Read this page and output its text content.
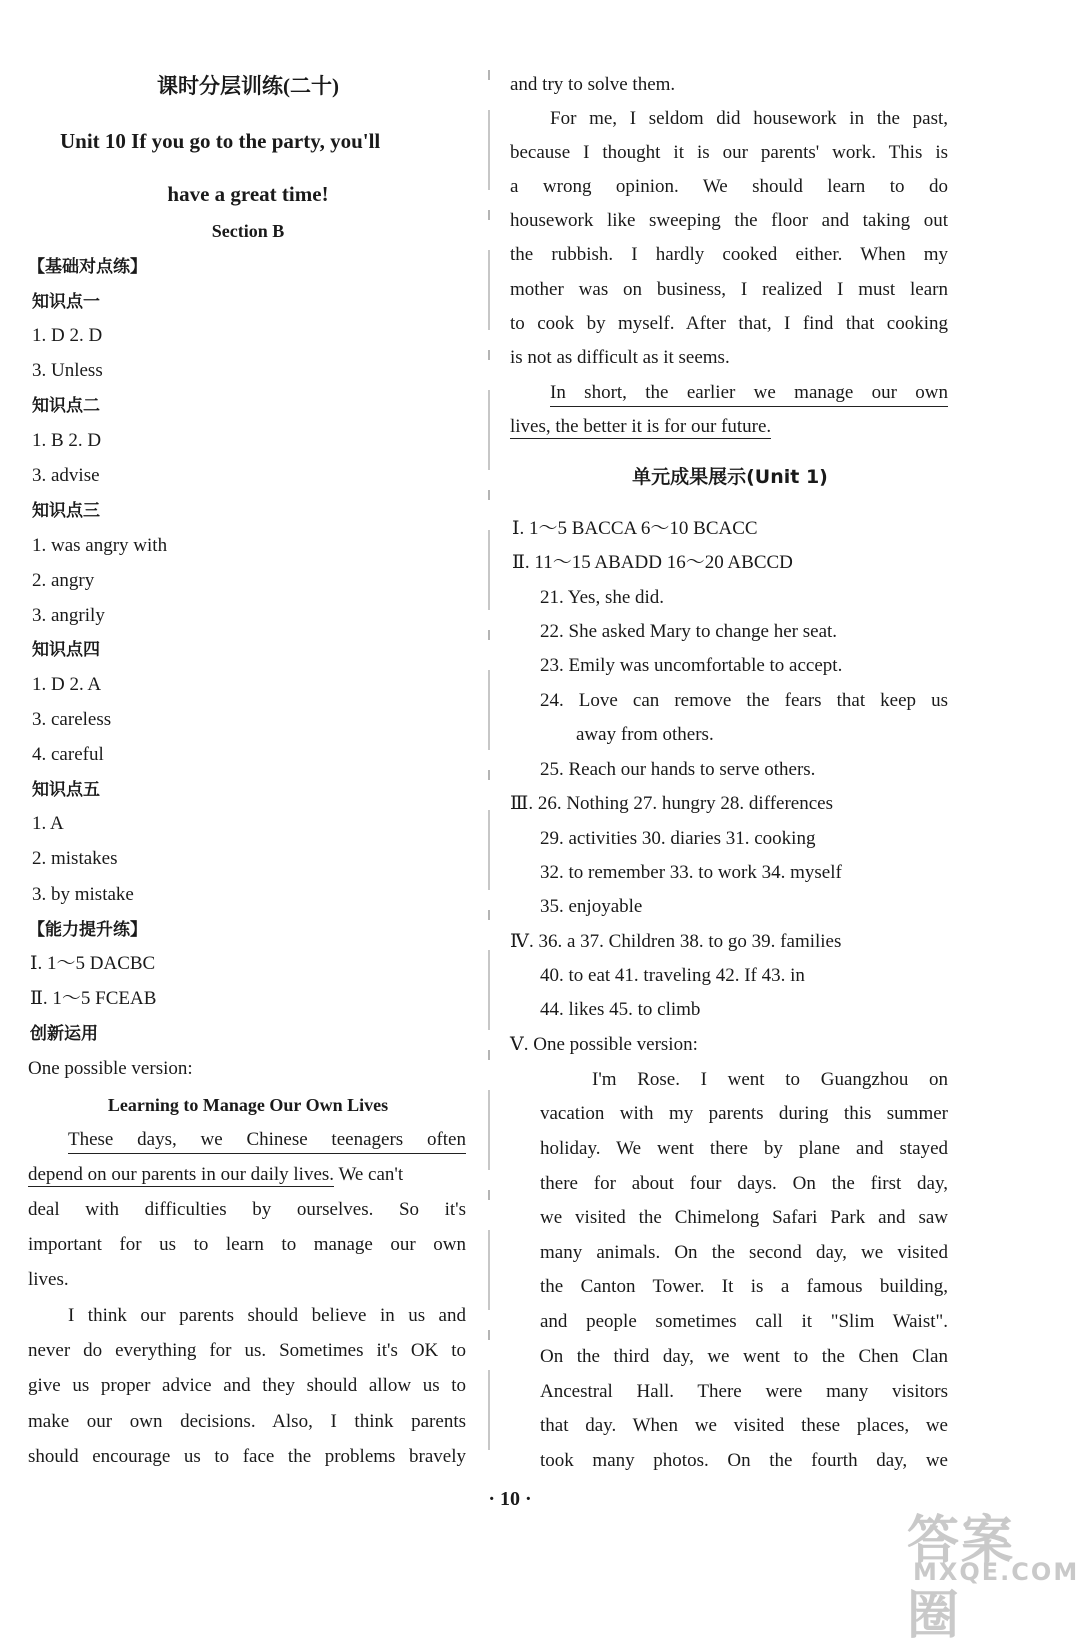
课时分层训练(二十)
Unit 10 If you go to the party, you'll
have a great time!
Section B
【基础对点练】
知识点一
1. D 2. D
3. Unless
知识点二
1. B 2. D
3. advise
知识点三
1. was angry with
2. angry
3. angrily
知识点四
1. D 2. A
3. careless
4. careful
知识点五
1. A
2. mistakes
3. by mistake
【能力提升练】
Ⅰ. 1～5 DACBC
Ⅱ. 1～5 FCEAB
创新运用
One possible version:
Learning to Manage Our Own Lives
These days, we Chinese teenagers often
depend on our parents in our daily lives. We can't
deal with difficulties by ourselves. So it's
important for us to learn to manage our own
lives.
I think our parents should believe in us and
never do everything for us. Sometimes it's OK to
give us proper advice and they should allow us to
make our own decisions. Also, I think parents
should encourage us to face the problems bravely
and try to solve them.
For me, I seldom did housework in the past,
because I thought it is our parents' work. This is
a wrong opinion. We should learn to do
housework like sweeping the floor and taking out
the rubbish. I hardly cooked either. When my
mother was on business, I realized I must learn
to cook by myself. After that, I find that cooking
is not as difficult as it seems.
In short, the earlier we manage our own
lives, the better it is for our future.
单元成果展示(Unit 1)
Ⅰ. 1～5 BACCA 6～10 BCACC
Ⅱ. 11～15 ABADD 16～20 ABCCD
21. Yes, she did.
22. She asked Mary to change her seat.
23. Emily was uncomfortable to accept.
24. Love can remove the fears that keep us
away from others.
25. Reach our hands to serve others.
Ⅲ. 26. Nothing 27. hungry 28. differences
29. activities 30. diaries 31. cooking
32. to remember 33. to work 34. myself
35. enjoyable
Ⅳ. 36. a 37. Children 38. to go 39. families
40. to eat 41. traveling 42. If 43. in
44. likes 45. to climb
Ⅴ. One possible version:
I'm Rose. I went to Guangzhou on
vacation with my parents during this summer
holiday. We went there by plane and stayed
there for about four days. On the first day,
we visited the Chimelong Safari Park and saw
many animals. On the second day, we visited
the Canton Tower. It is a famous building,
and people sometimes call it "Slim Waist".
On the third day, we went to the Chen Clan
Ancestral Hall. There were many visitors
that day. When we visited these places, we
took many photos. On the fourth day, we
· 10 ·
答案圈
MXQE.COM
